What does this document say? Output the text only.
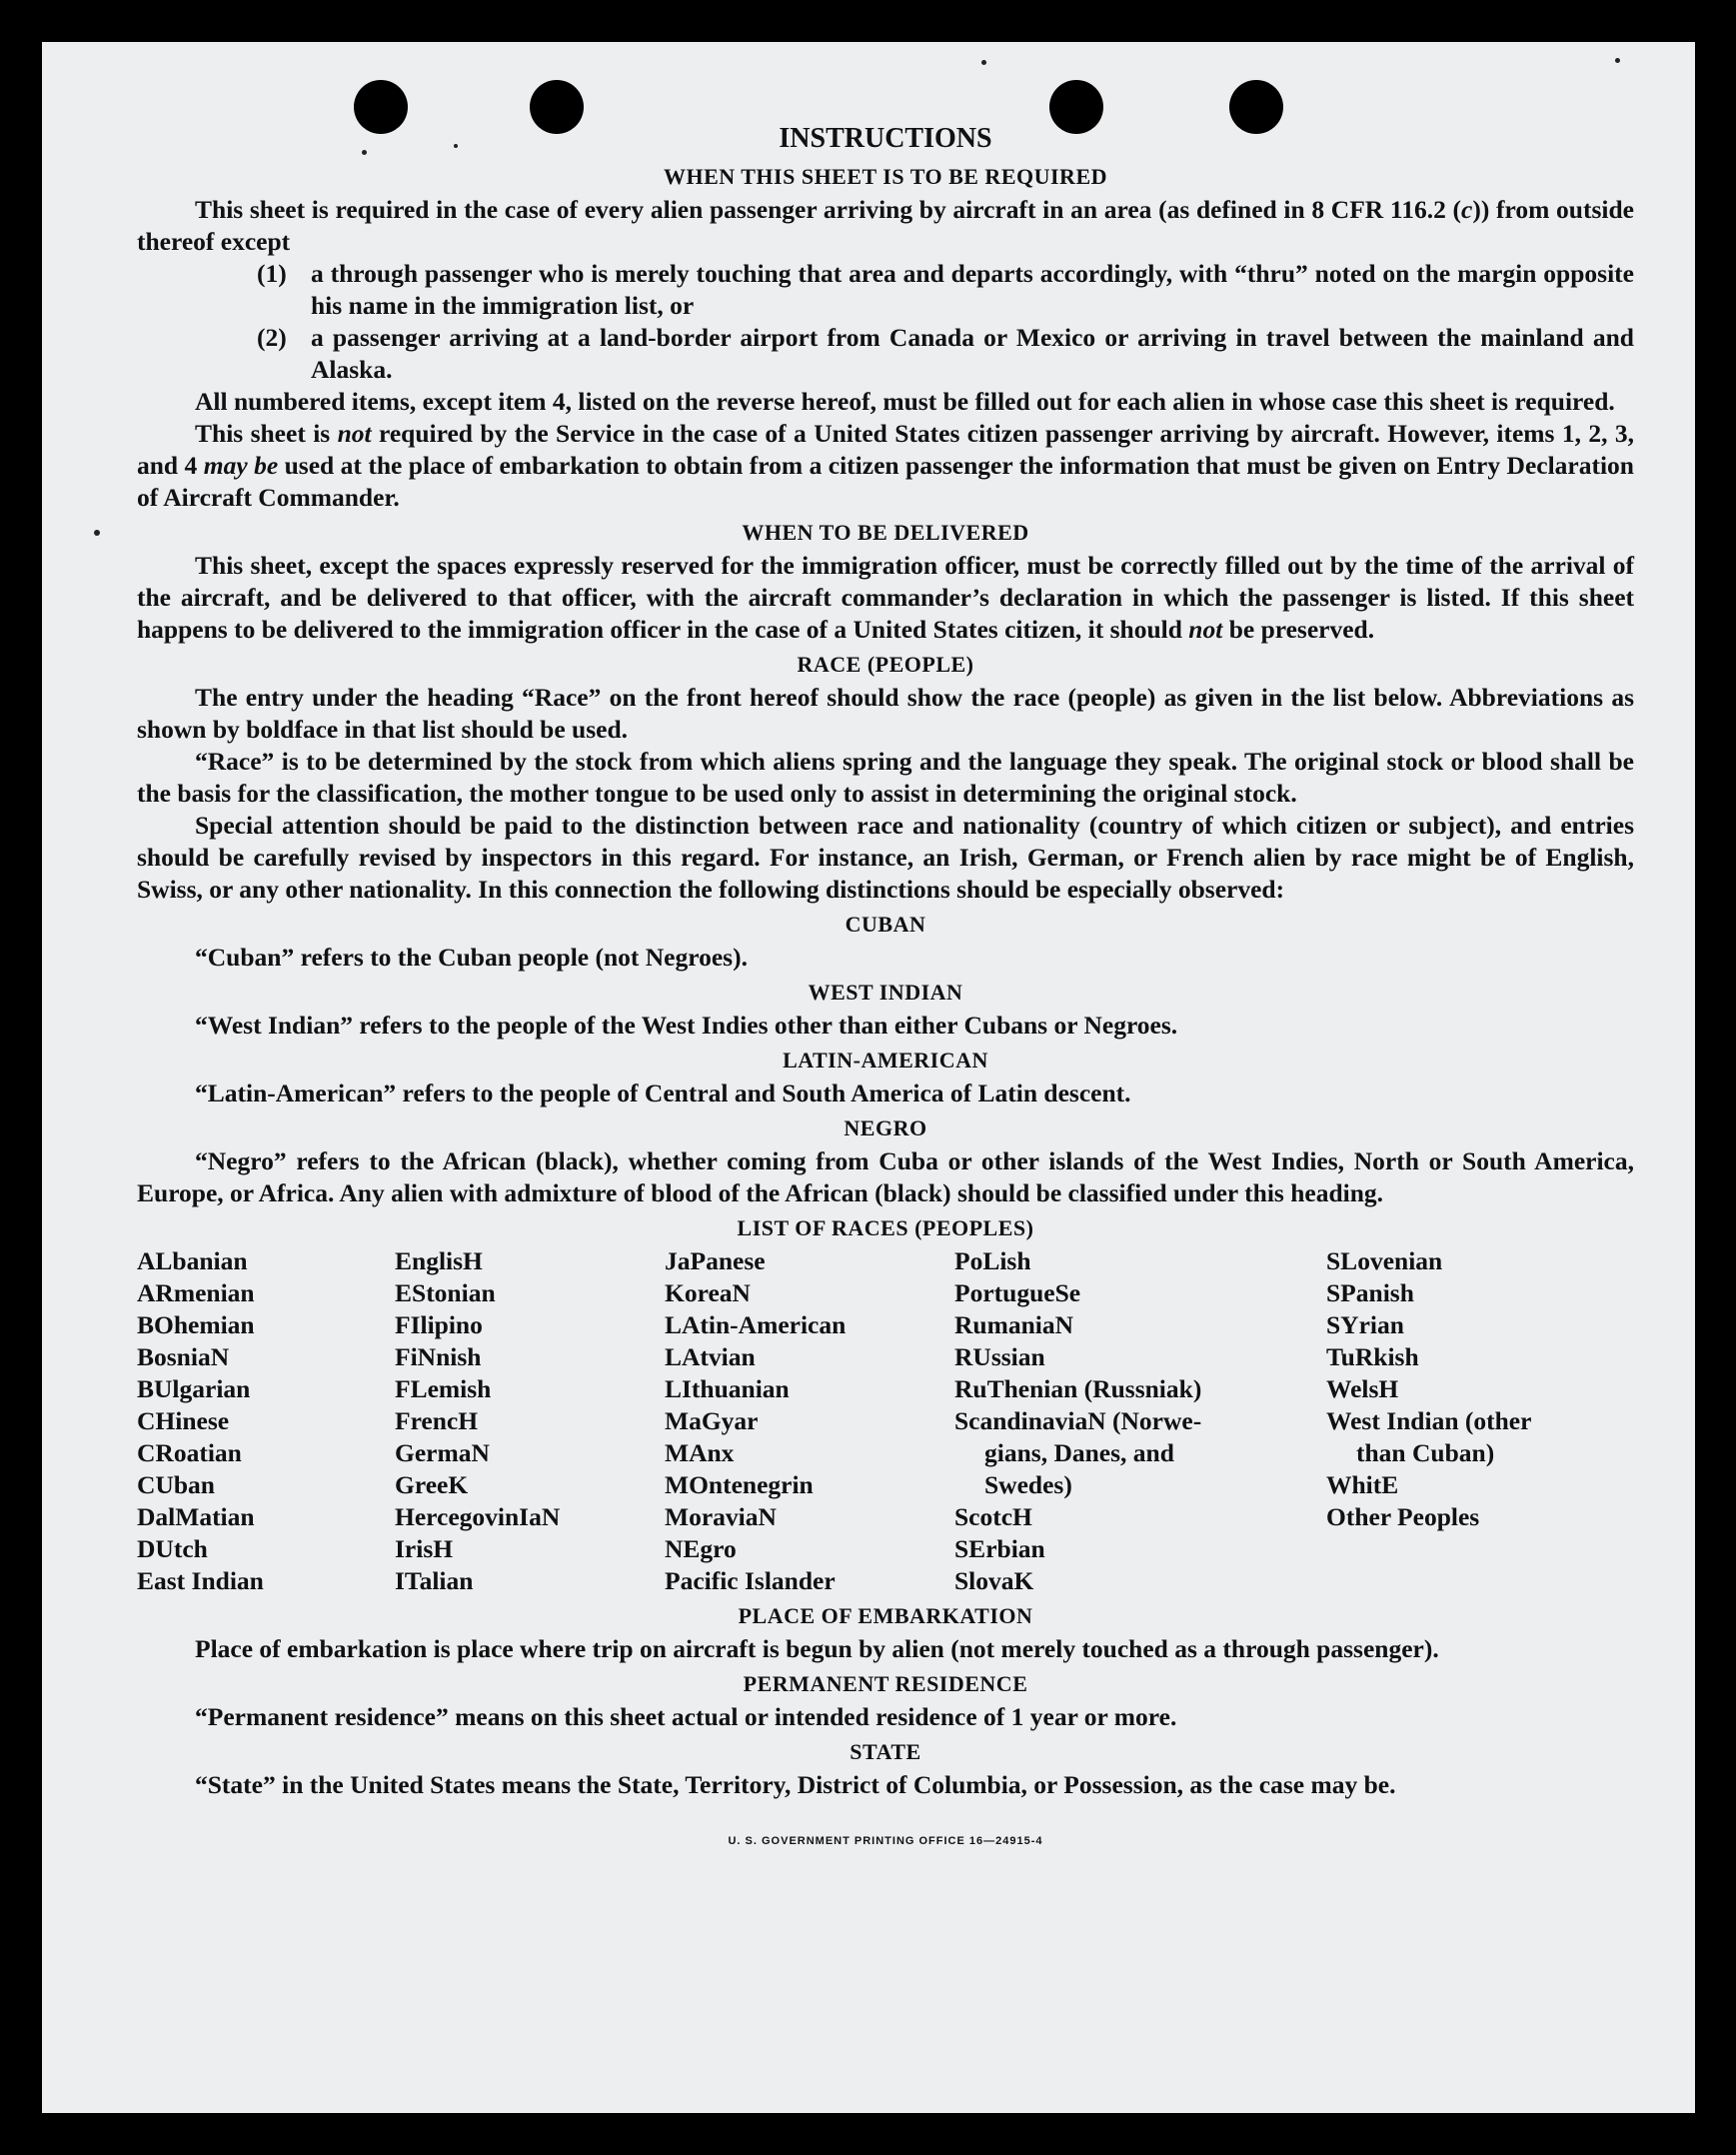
INSTRUCTIONS
WHEN THIS SHEET IS TO BE REQUIRED

This sheet is required in the case of every alien passenger arriving by aircraft in an area (as defined in 8 CFR 116.2 (c)) from outside thereof except

(1) a through passenger who is merely touching that area and departs accordingly, with “thru” noted on the margin opposite his name in the immigration list, or
(2) a passenger arriving at a land-border airport from Canada or Mexico or arriving in travel between the mainland and Alaska.

All numbered items, except item 4, listed on the reverse hereof, must be filled out for each alien in whose case this sheet is required.

This sheet is not required by the Service in the case of a United States citizen passenger arriving by aircraft. However, items 1, 2, 3, and 4 may be used at the place of embarkation to obtain from a citizen passenger the information that must be given on Entry Declaration of Aircraft Commander.

WHEN TO BE DELIVERED

This sheet, except the spaces expressly reserved for the immigration officer, must be correctly filled out by the time of the arrival of the aircraft, and be delivered to that officer, with the aircraft commander’s declaration in which the passenger is listed. If this sheet happens to be delivered to the immigration officer in the case of a United States citizen, it should not be preserved.

RACE (PEOPLE)

The entry under the heading “Race” on the front hereof should show the race (people) as given in the list below. Abbreviations as shown by boldface in that list should be used.

“Race” is to be determined by the stock from which aliens spring and the language they speak. The original stock or blood shall be the basis for the classification, the mother tongue to be used only to assist in determining the original stock.

Special attention should be paid to the distinction between race and nationality (country of which citizen or subject), and entries should be carefully revised by inspectors in this regard. For instance, an Irish, German, or French alien by race might be of English, Swiss, or any other nationality. In this connection the following distinctions should be especially observed:

CUBAN

“Cuban” refers to the Cuban people (not Negroes).

WEST INDIAN

“West Indian” refers to the people of the West Indies other than either Cubans or Negroes.

LATIN-AMERICAN

“Latin-American” refers to the people of Central and South America of Latin descent.

NEGRO

“Negro” refers to the African (black), whether coming from Cuba or other islands of the West Indies, North or South America, Europe, or Africa. Any alien with admixture of blood of the African (black) should be classified under this heading.

LIST OF RACES (PEOPLES)
ALbanian
ARmenian
BOhemian
BosniaN
BUlgarian
CHinese
CRoatian
CUban
DalMatian
DUtch
East Indian
EnglisH
EStonian
FIlipino
FiNnish
FLemish
FrencH
GermaN
GreeK
HercegovinIaN
IrisH
ITalian
JaPanese
KoreaN
LAtin-American
LAtvian
LIthuanian
MaGyar
MAnx
MOntenegrin
MoraviaN
NEgro
Pacific Islander
PoLish
PortugueSe
RumaniaN
RUssian
RuThenian (Russniak)
ScandinaviaN (Norwe-
gians, Danes, and
Swedes)
ScotcH
SErbian
SlovaK
SLovenian
SPanish
SYrian
TuRkish
WelsH
West Indian (other
than Cuban)
WhitE
Other Peoples
PLACE OF EMBARKATION

Place of embarkation is place where trip on aircraft is begun by alien (not merely touched as a through passenger).

PERMANENT RESIDENCE

“Permanent residence” means on this sheet actual or intended residence of 1 year or more.

STATE

“State” in the United States means the State, Territory, District of Columbia, or Possession, as the case may be.

U. S. GOVERNMENT PRINTING OFFICE 16—24915-4
